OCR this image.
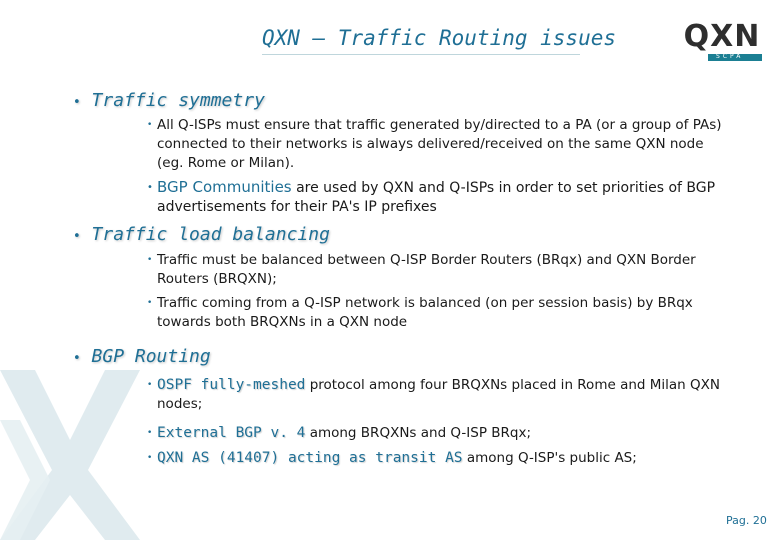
QXN – Traffic Routing issues QXN
SCPA
• Traffic symmetry
• All Q-ISPs must ensure that traffic generated by/directed to a PA (or a group of PAs) connected to their networks is always delivered/received on the same QXN node (eg. Rome or Milan).
• BGP Communities are used by QXN and Q-ISPs in order to set priorities of BGP advertisements for their PA's IP prefixes
• Traffic load balancing
• Traffic must be balanced between Q-ISP Border Routers (BRqx) and QXN Border Routers (BRQXN);
• Traffic coming from a Q-ISP network is balanced (on per session basis) by BRqx towards both BRQXNs in a QXN node
• BGP Routing
• OSPF fully-meshed protocol among four BRQXNs placed in Rome and Milan QXN nodes;
• External BGP v. 4 among BRQXNs and Q-ISP BRqx;
• QXN AS (41407) acting as transit AS among Q-ISP's public AS;
Pag. 20
